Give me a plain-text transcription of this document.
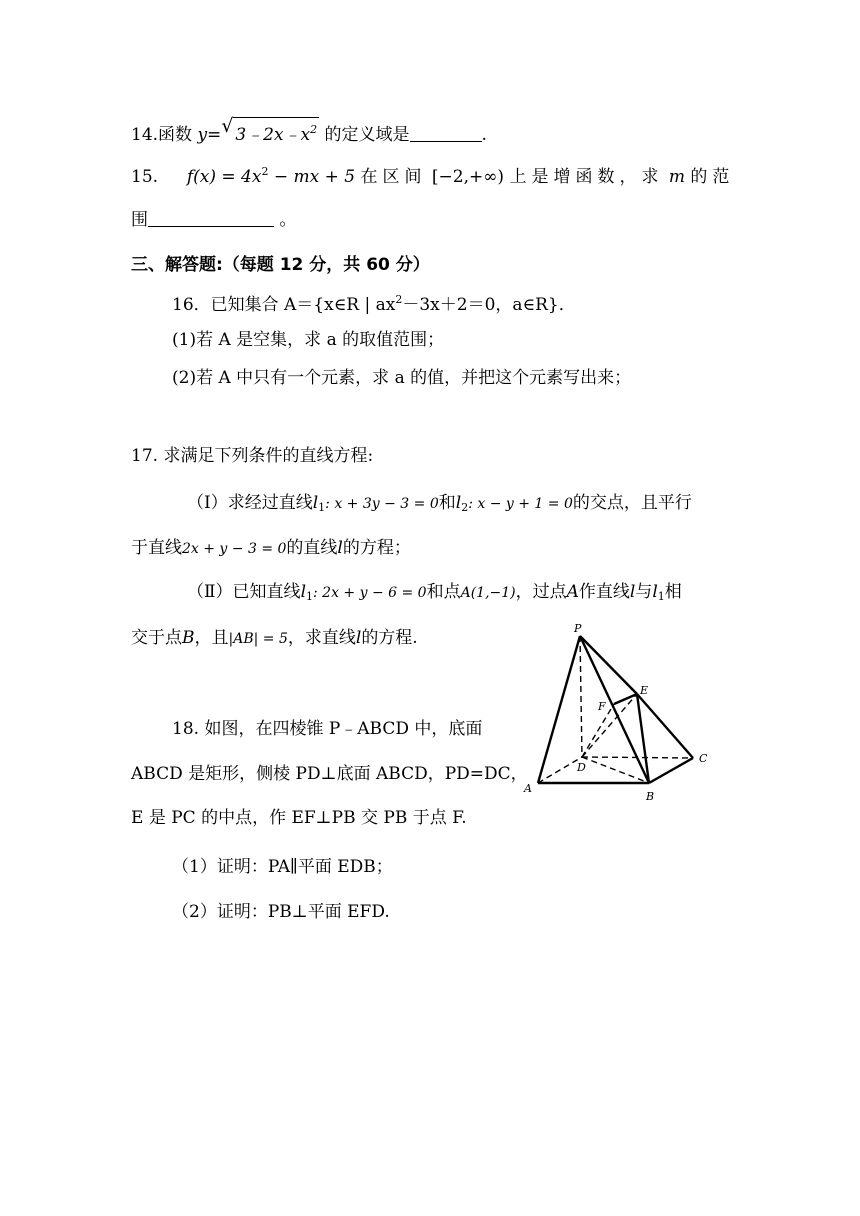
14.函数 y= √ $3﹣2x﹣x^2$ 的定义域是	.
15. $f(x) = 4x^2$ − mx + 5 在区间 [−2,+∞) 上是增函数，求 m 的范
围	。
三、解答题:（每题 12 分，共 60 分）
16．已知集合 A＝{x∈R | $ax^2-3x+2=0$，a∈R}．
(1)若 A 是空集，求 a 的取值范围；
(2)若 A 中只有一个元素，求 a 的值，并把这个元素写出来；
17. 求满足下列条件的直线方程:
（Ⅰ）求经过直线$l_1$: x + 3y − 3 = 0和$l_2$: x − y + 1 = 0的交点，且平行
于直线2x + y − 3 = 0的直线l的方程；
（Ⅱ）已知直线$l_1$: 2x + y − 6 = 0和点A(1,−1)，过点A作直线l与$l_1$相
交于点B，且|AB| = 5，求直线l的方程.
18. 如图，在四棱锥 P﹣ABCD 中，底面
ABCD 是矩形，侧棱 PD⊥底面 ABCD，PD=DC，
E 是 PC 的中点，作 EF⊥PB 交 PB 于点 F.
（1）证明：PA∥平面 EDB；
（2）证明：PB⊥平面 EFD.
P
A
B
C
D
E
F
